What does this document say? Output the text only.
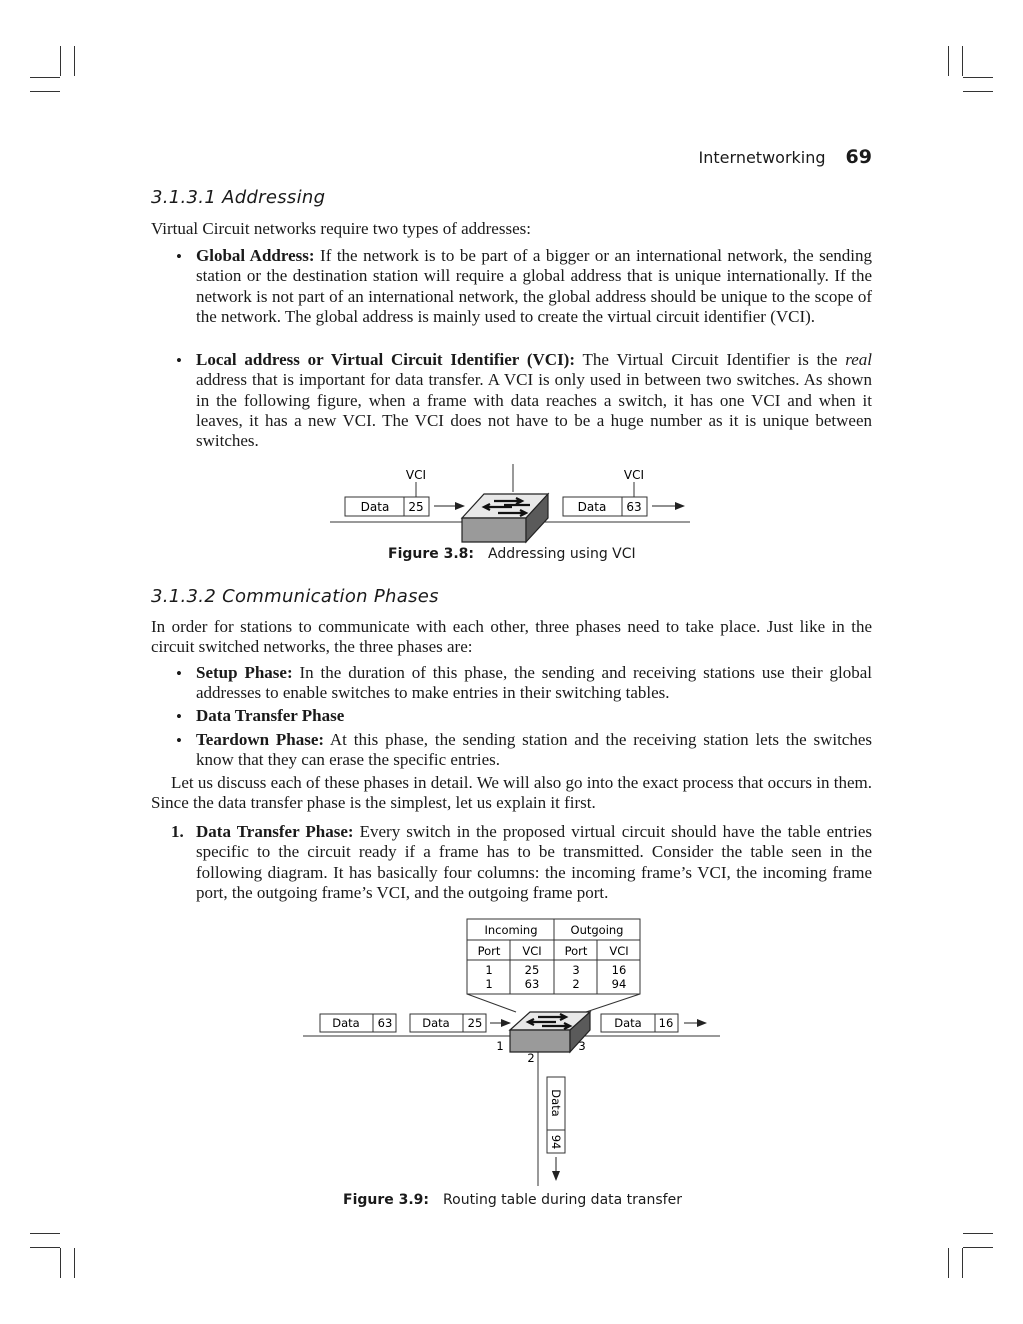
Internetworking 69
3.1.3.1 Addressing
Virtual Circuit networks require two types of addresses:
• Global Address: If the network is to be part of a bigger or an international network, the sending station or the destination station will require a global address that is unique internationally. If the network is not part of an international network, the global address should be unique to the scope of the network. The global address is mainly used to create the virtual circuit identifier (VCI).
• Local address or Virtual Circuit Identifier (VCI): The Virtual Circuit Identifier is the real address that is important for data transfer. A VCI is only used in between two switches. As shown in the following figure, when a frame with data reaches a switch, it has one VCI and when it leaves, it has a new VCI. The VCI does not have to be a huge number as it is unique between switches.
VCI
Data 25
VCI
Data 63
Figure 3.8: Addressing using VCI
3.1.3.2 Communication Phases
In order for stations to communicate with each other, three phases need to take place. Just like in the circuit switched networks, the three phases are:
• Setup Phase: In the duration of this phase, the sending and receiving stations use their global addresses to enable switches to make entries in their switching tables.
• Data Transfer Phase
• Teardown Phase: At this phase, the sending station and the receiving station lets the switches know that they can erase the specific entries.
Let us discuss each of these phases in detail. We will also go into the exact process that occurs in them. Since the data transfer phase is the simplest, let us explain it first.
1. Data Transfer Phase: Every switch in the proposed virtual circuit should have the table entries specific to the circuit ready if a frame has to be transmitted. Consider the table seen in the following diagram. It has basically four columns: the incoming frame’s VCI, the incoming frame port, the outgoing frame’s VCI, and the outgoing frame port.
Incoming	Outgoing
Port VCI Port VCI
1	25	3	16
1	63	2	94
1
2
3
Data 63	Data 25	Data 16
Data
94
Figure 3.9: Routing table during data transfer
